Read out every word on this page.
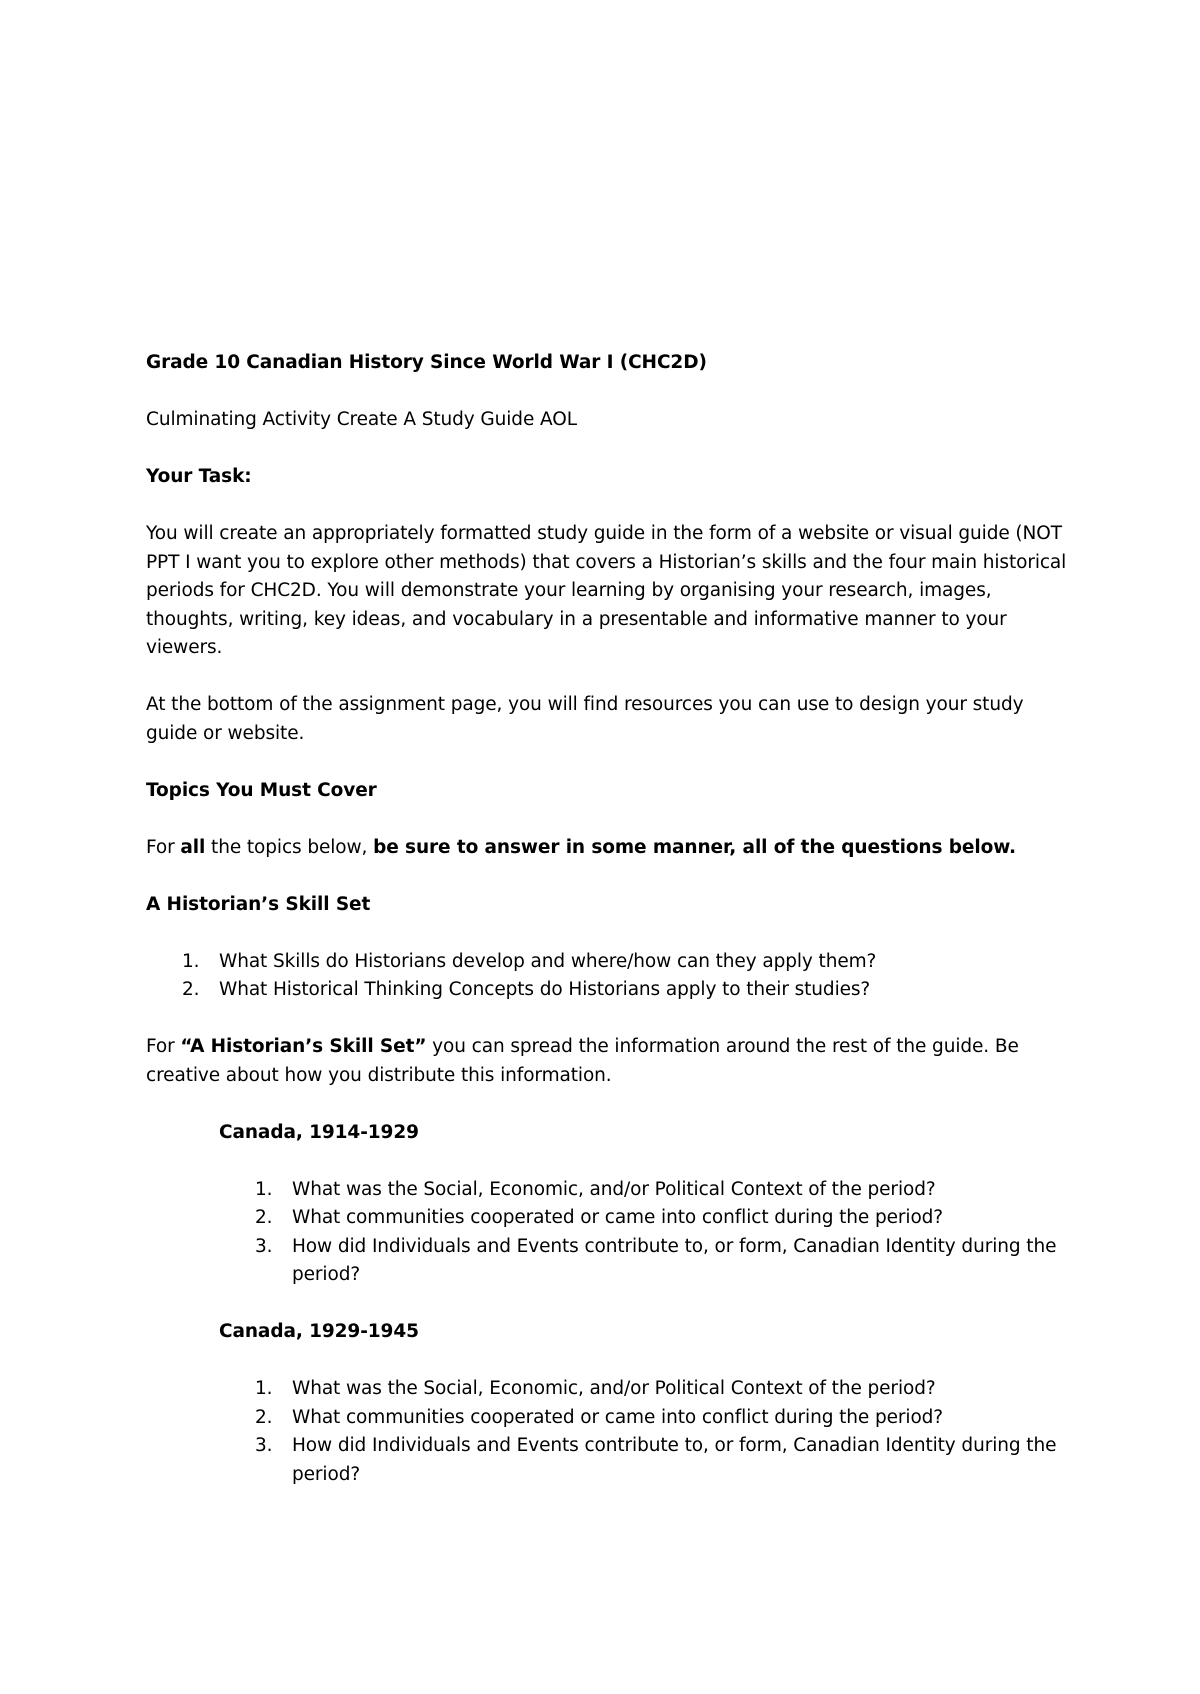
Grade 10 Canadian History Since World War I (CHC2D)

Culminating Activity Create A Study Guide AOL

Your Task:

You will create an appropriately formatted study guide in the form of a website or visual guide (NOT PPT I want you to explore other methods) that covers a Historian’s skills and the four main historical periods for CHC2D. You will demonstrate your learning by organising your research, images, thoughts, writing, key ideas, and vocabulary in a presentable and informative manner to your viewers.

At the bottom of the assignment page, you will find resources you can use to design your study guide or website.

Topics You Must Cover

For all the topics below, be sure to answer in some manner, all of the questions below.

A Historian’s Skill Set

1. What Skills do Historians develop and where/how can they apply them?
2. What Historical Thinking Concepts do Historians apply to their studies?

For “A Historian’s Skill Set” you can spread the information around the rest of the guide. Be creative about how you distribute this information.

Canada, 1914-1929

1. What was the Social, Economic, and/or Political Context of the period?
2. What communities cooperated or came into conflict during the period?
3. How did Individuals and Events contribute to, or form, Canadian Identity during the period?

Canada, 1929-1945

1. What was the Social, Economic, and/or Political Context of the period?
2. What communities cooperated or came into conflict during the period?
3. How did Individuals and Events contribute to, or form, Canadian Identity during the period?
